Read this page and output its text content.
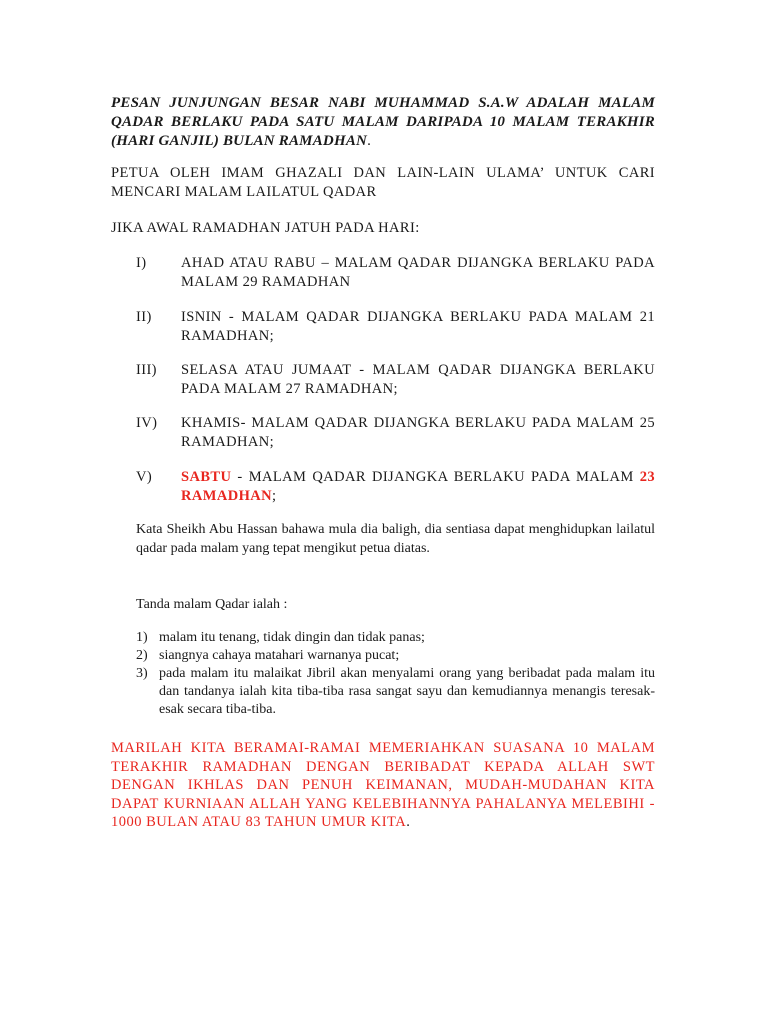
PESAN JUNJUNGAN BESAR NABI MUHAMMAD S.A.W ADALAH MALAM QADAR BERLAKU PADA SATU MALAM DARIPADA 10 MALAM TERAKHIR (HARI GANJIL) BULAN RAMADHAN.
PETUA OLEH IMAM GHAZALI DAN LAIN-LAIN ULAMA’ UNTUK CARI MENCARI MALAM LAILATUL QADAR
JIKA AWAL RAMADHAN JATUH PADA HARI:
I) AHAD ATAU RABU – MALAM QADAR DIJANGKA BERLAKU PADA MALAM 29 RAMADHAN
II) ISNIN - MALAM QADAR DIJANGKA BERLAKU PADA MALAM 21 RAMADHAN;
III) SELASA ATAU JUMAAT - MALAM QADAR DIJANGKA BERLAKU PADA MALAM 27 RAMADHAN;
IV) KHAMIS- MALAM QADAR DIJANGKA BERLAKU PADA MALAM 25 RAMADHAN;
V) SABTU - MALAM QADAR DIJANGKA BERLAKU PADA MALAM 23 RAMADHAN;
Kata Sheikh Abu Hassan bahawa mula dia baligh, dia sentiasa dapat menghidupkan lailatul qadar pada malam yang tepat mengikut petua diatas.
Tanda malam Qadar ialah :
1) malam itu tenang, tidak dingin dan tidak panas;
2) siangnya cahaya matahari warnanya pucat;
3) pada malam itu malaikat Jibril akan menyalami orang yang beribadat pada malam itu dan tandanya ialah kita tiba-tiba rasa sangat sayu dan kemudiannya menangis teresak-esak secara tiba-tiba.
MARILAH KITA BERAMAI-RAMAI MEMERIAHKAN SUASANA 10 MALAM TERAKHIR RAMADHAN DENGAN BERIBADAT KEPADA ALLAH SWT DENGAN IKHLAS DAN PENUH KEIMANAN, MUDAH-MUDAHAN KITA DAPAT KURNIAAN ALLAH YANG KELEBIHANNYA PAHALANYA MELEBIHI - 1000 BULAN ATAU 83 TAHUN UMUR KITA.
